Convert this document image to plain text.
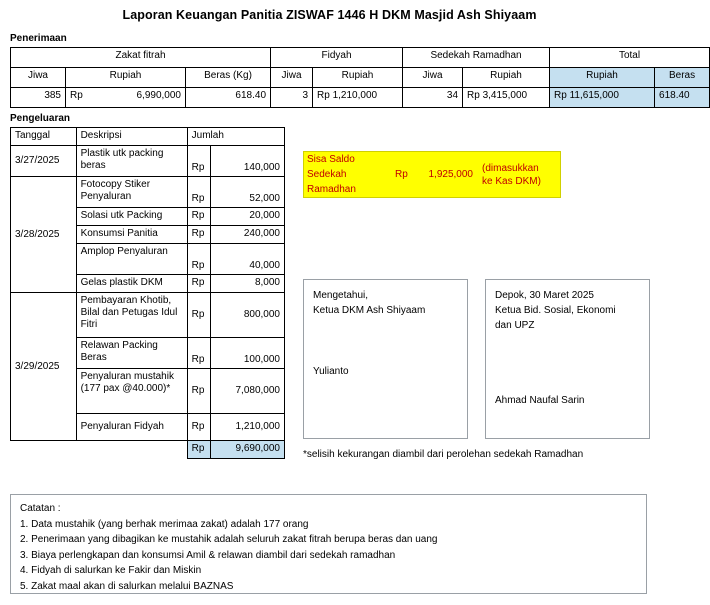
Laporan Keuangan Panitia ZISWAF 1446 H DKM Masjid Ash Shiyaam
Penerimaan
Zakat fitrah			Fidyah		Sedekah Ramadhan		Total	
Jiwa	Rupiah	Beras (Kg)	Jiwa	Rupiah	Jiwa	Rupiah	Rupiah	Beras
385	Rp 6,990,000	618.40	3	Rp 1,210,000	34	Rp 3,415,000	Rp 11,615,000	618.40
Pengeluaran
Tanggal	Deskripsi	Jumlah	
3/27/2025	Plastik utk packing beras	Rp	140,000
3/28/2025	Fotocopy Stiker Penyaluran	Rp	52,000
	Solasi utk Packing	Rp	20,000
	Konsumsi Panitia	Rp	240,000
	Amplop Penyaluran	Rp	40,000
	Gelas plastik DKM	Rp	8,000
3/29/2025	Pembayaran Khotib, Bilal dan Petugas Idul Fitri	Rp	800,000
	Relawan Packing Beras	Rp	100,000
	Penyaluran mustahik (177 pax @40.000)*	Rp	7,080,000
	Penyaluran Fidyah	Rp	1,210,000
		Rp	9,690,000
Sisa Saldo	Rp	1,925,000	
(dimasukkan
ke Kas DKM)

Sedekah
Ramadhan
Mengetahui,
Ketua DKM Ash Shiyaam
Yulianto
Depok, 30 Maret 2025
Ketua Bid. Sosial, Ekonomi
dan UPZ
Ahmad Naufal Sarin
*selisih kekurangan diambil dari perolehan sedekah Ramadhan
Catatan :
1. Data mustahik (yang berhak merimaa zakat) adalah 177 orang
2. Penerimaan yang dibagikan ke mustahik adalah seluruh zakat fitrah berupa beras dan uang
3. Biaya perlengkapan dan konsumsi Amil & relawan diambil dari sedekah ramadhan
4. Fidyah di salurkan ke Fakir dan Miskin
5. Zakat maal akan di salurkan melalui BAZNAS
